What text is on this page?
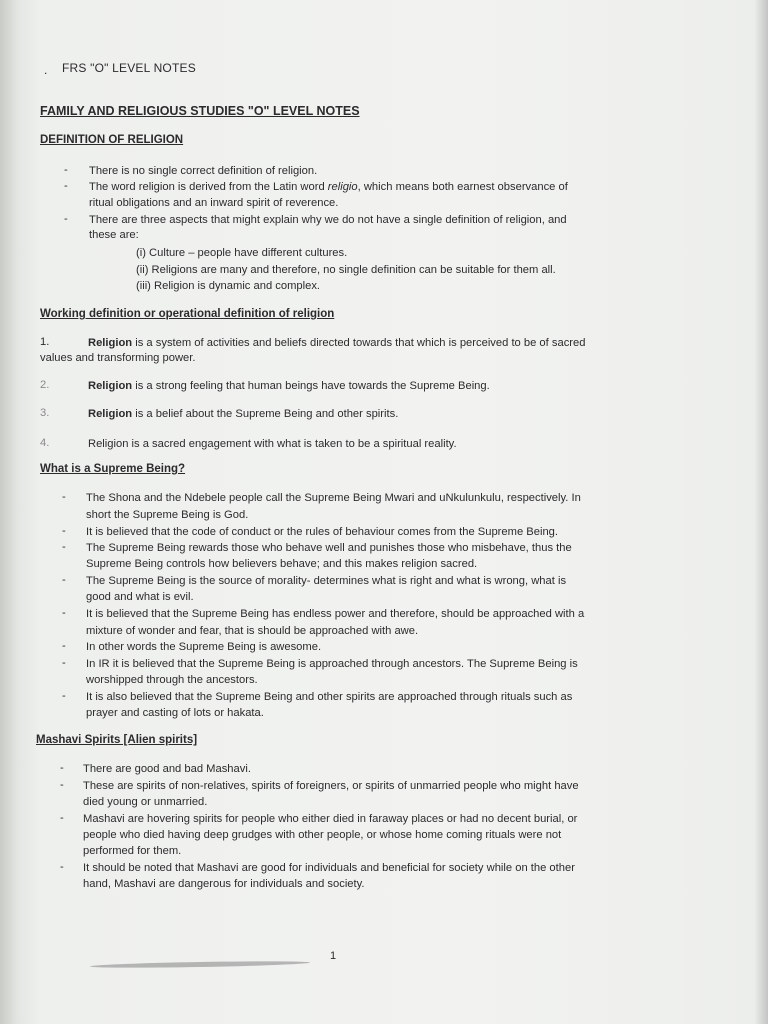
. FRS "O" LEVEL NOTES
FAMILY AND RELIGIOUS STUDIES "O" LEVEL NOTES
DEFINITION OF RELIGION
- There is no single correct definition of religion.
- The word religion is derived from the Latin word religio, which means both earnest observance of
ritual obligations and an inward spirit of reverence.
- There are three aspects that might explain why we do not have a single definition of religion, and
these are:
(i) Culture – people have different cultures.
(ii) Religions are many and therefore, no single definition can be suitable for them all.
(iii) Religion is dynamic and complex.
Working definition or operational definition of religion
1.	Religion is a system of activities and beliefs directed towards that which is perceived to be of sacred
values and transforming power.
2.	Religion is a strong feeling that human beings have towards the Supreme Being.
3.	Religion is a belief about the Supreme Being and other spirits.
4.	Religion is a sacred engagement with what is taken to be a spiritual reality.
What is a Supreme Being?
- The Shona and the Ndebele people call the Supreme Being Mwari and uNkulunkulu, respectively. In
short the Supreme Being is God.
- It is believed that the code of conduct or the rules of behaviour comes from the Supreme Being.
- The Supreme Being rewards those who behave well and punishes those who misbehave, thus the
Supreme Being controls how believers behave; and this makes religion sacred.
- The Supreme Being is the source of morality- determines what is right and what is wrong, what is
good and what is evil.
- It is believed that the Supreme Being has endless power and therefore, should be approached with a
mixture of wonder and fear, that is should be approached with awe.
- In other words the Supreme Being is awesome.
- In IR it is believed that the Supreme Being is approached through ancestors. The Supreme Being is
worshipped through the ancestors.
- It is also believed that the Supreme Being and other spirits are approached through rituals such as
prayer and casting of lots or hakata.
Mashavi Spirits [Alien spirits]
- There are good and bad Mashavi.
- These are spirits of non-relatives, spirits of foreigners, or spirits of unmarried people who might have
died young or unmarried.
- Mashavi are hovering spirits for people who either died in faraway places or had no decent burial, or
people who died having deep grudges with other people, or whose home coming rituals were not
performed for them.
- It should be noted that Mashavi are good for individuals and beneficial for society while on the other
hand, Mashavi are dangerous for individuals and society.
1
